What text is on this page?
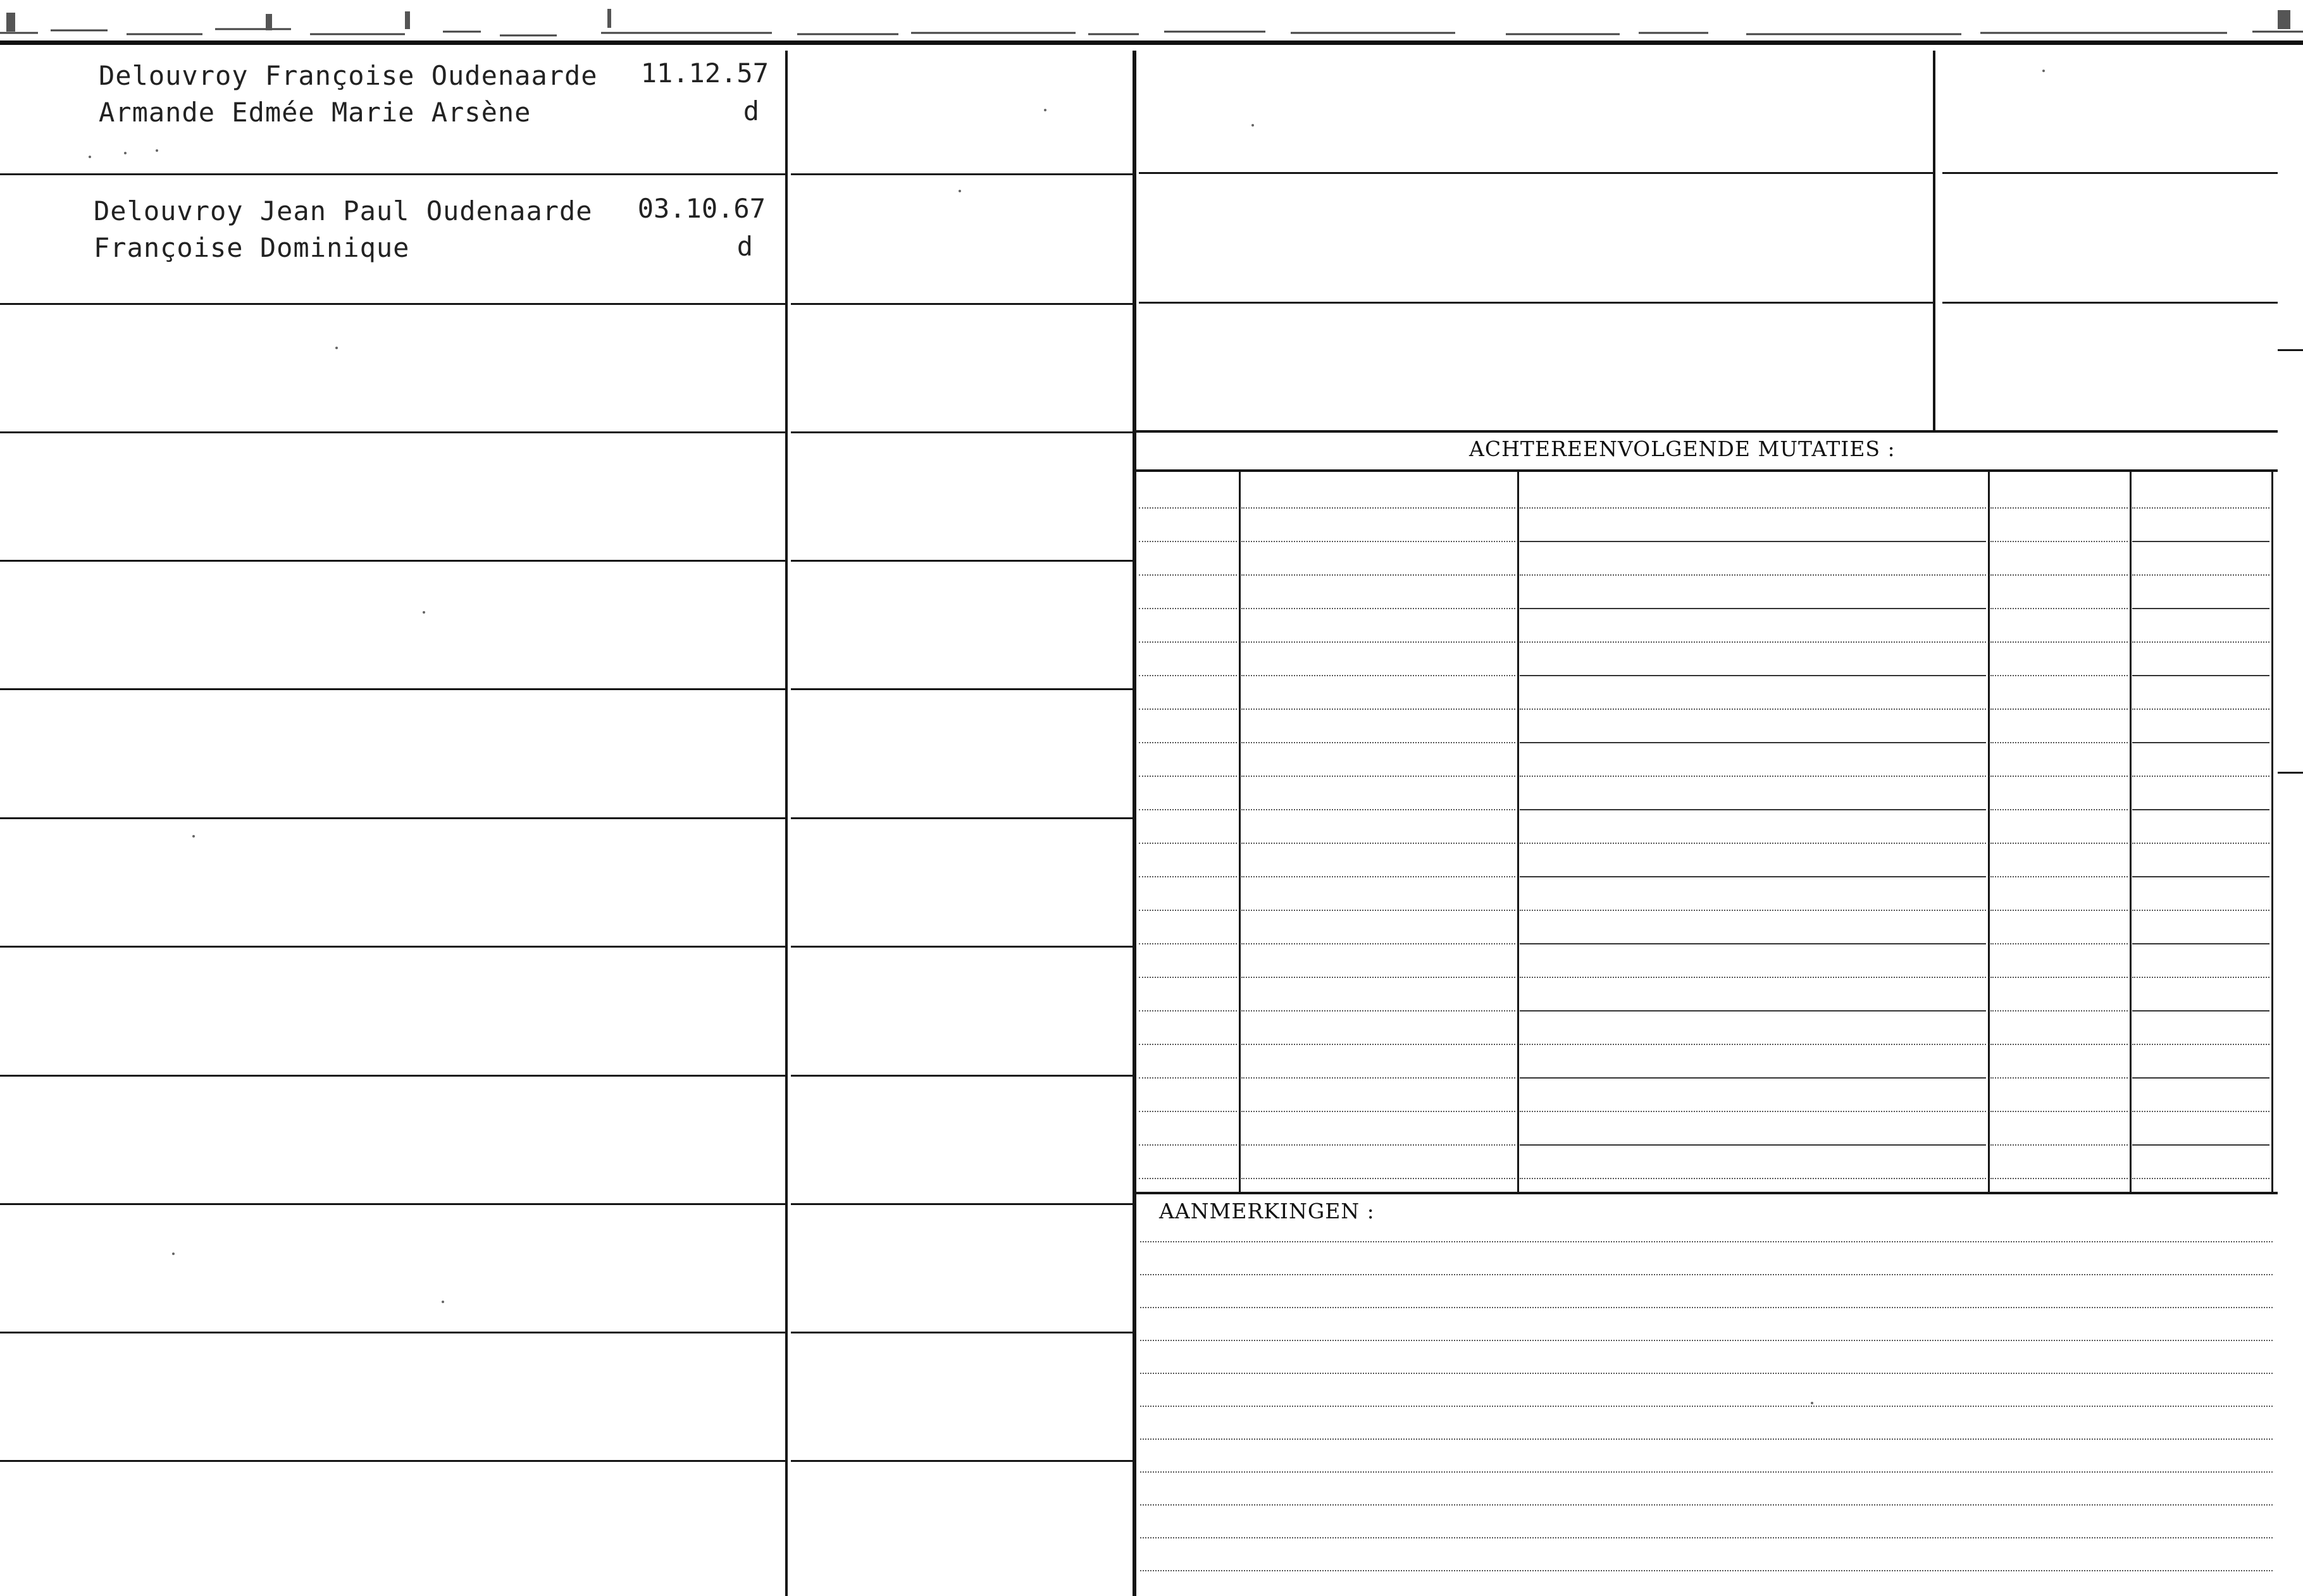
Delouvroy Françoise Oudenaarde
Armande Edmée Marie Arsène
11.12.57
d
Delouvroy Jean Paul Oudenaarde
Françoise Dominique
03.10.67
d
ACHTEREENVOLGENDE MUTATIES :
AANMERKINGEN :
